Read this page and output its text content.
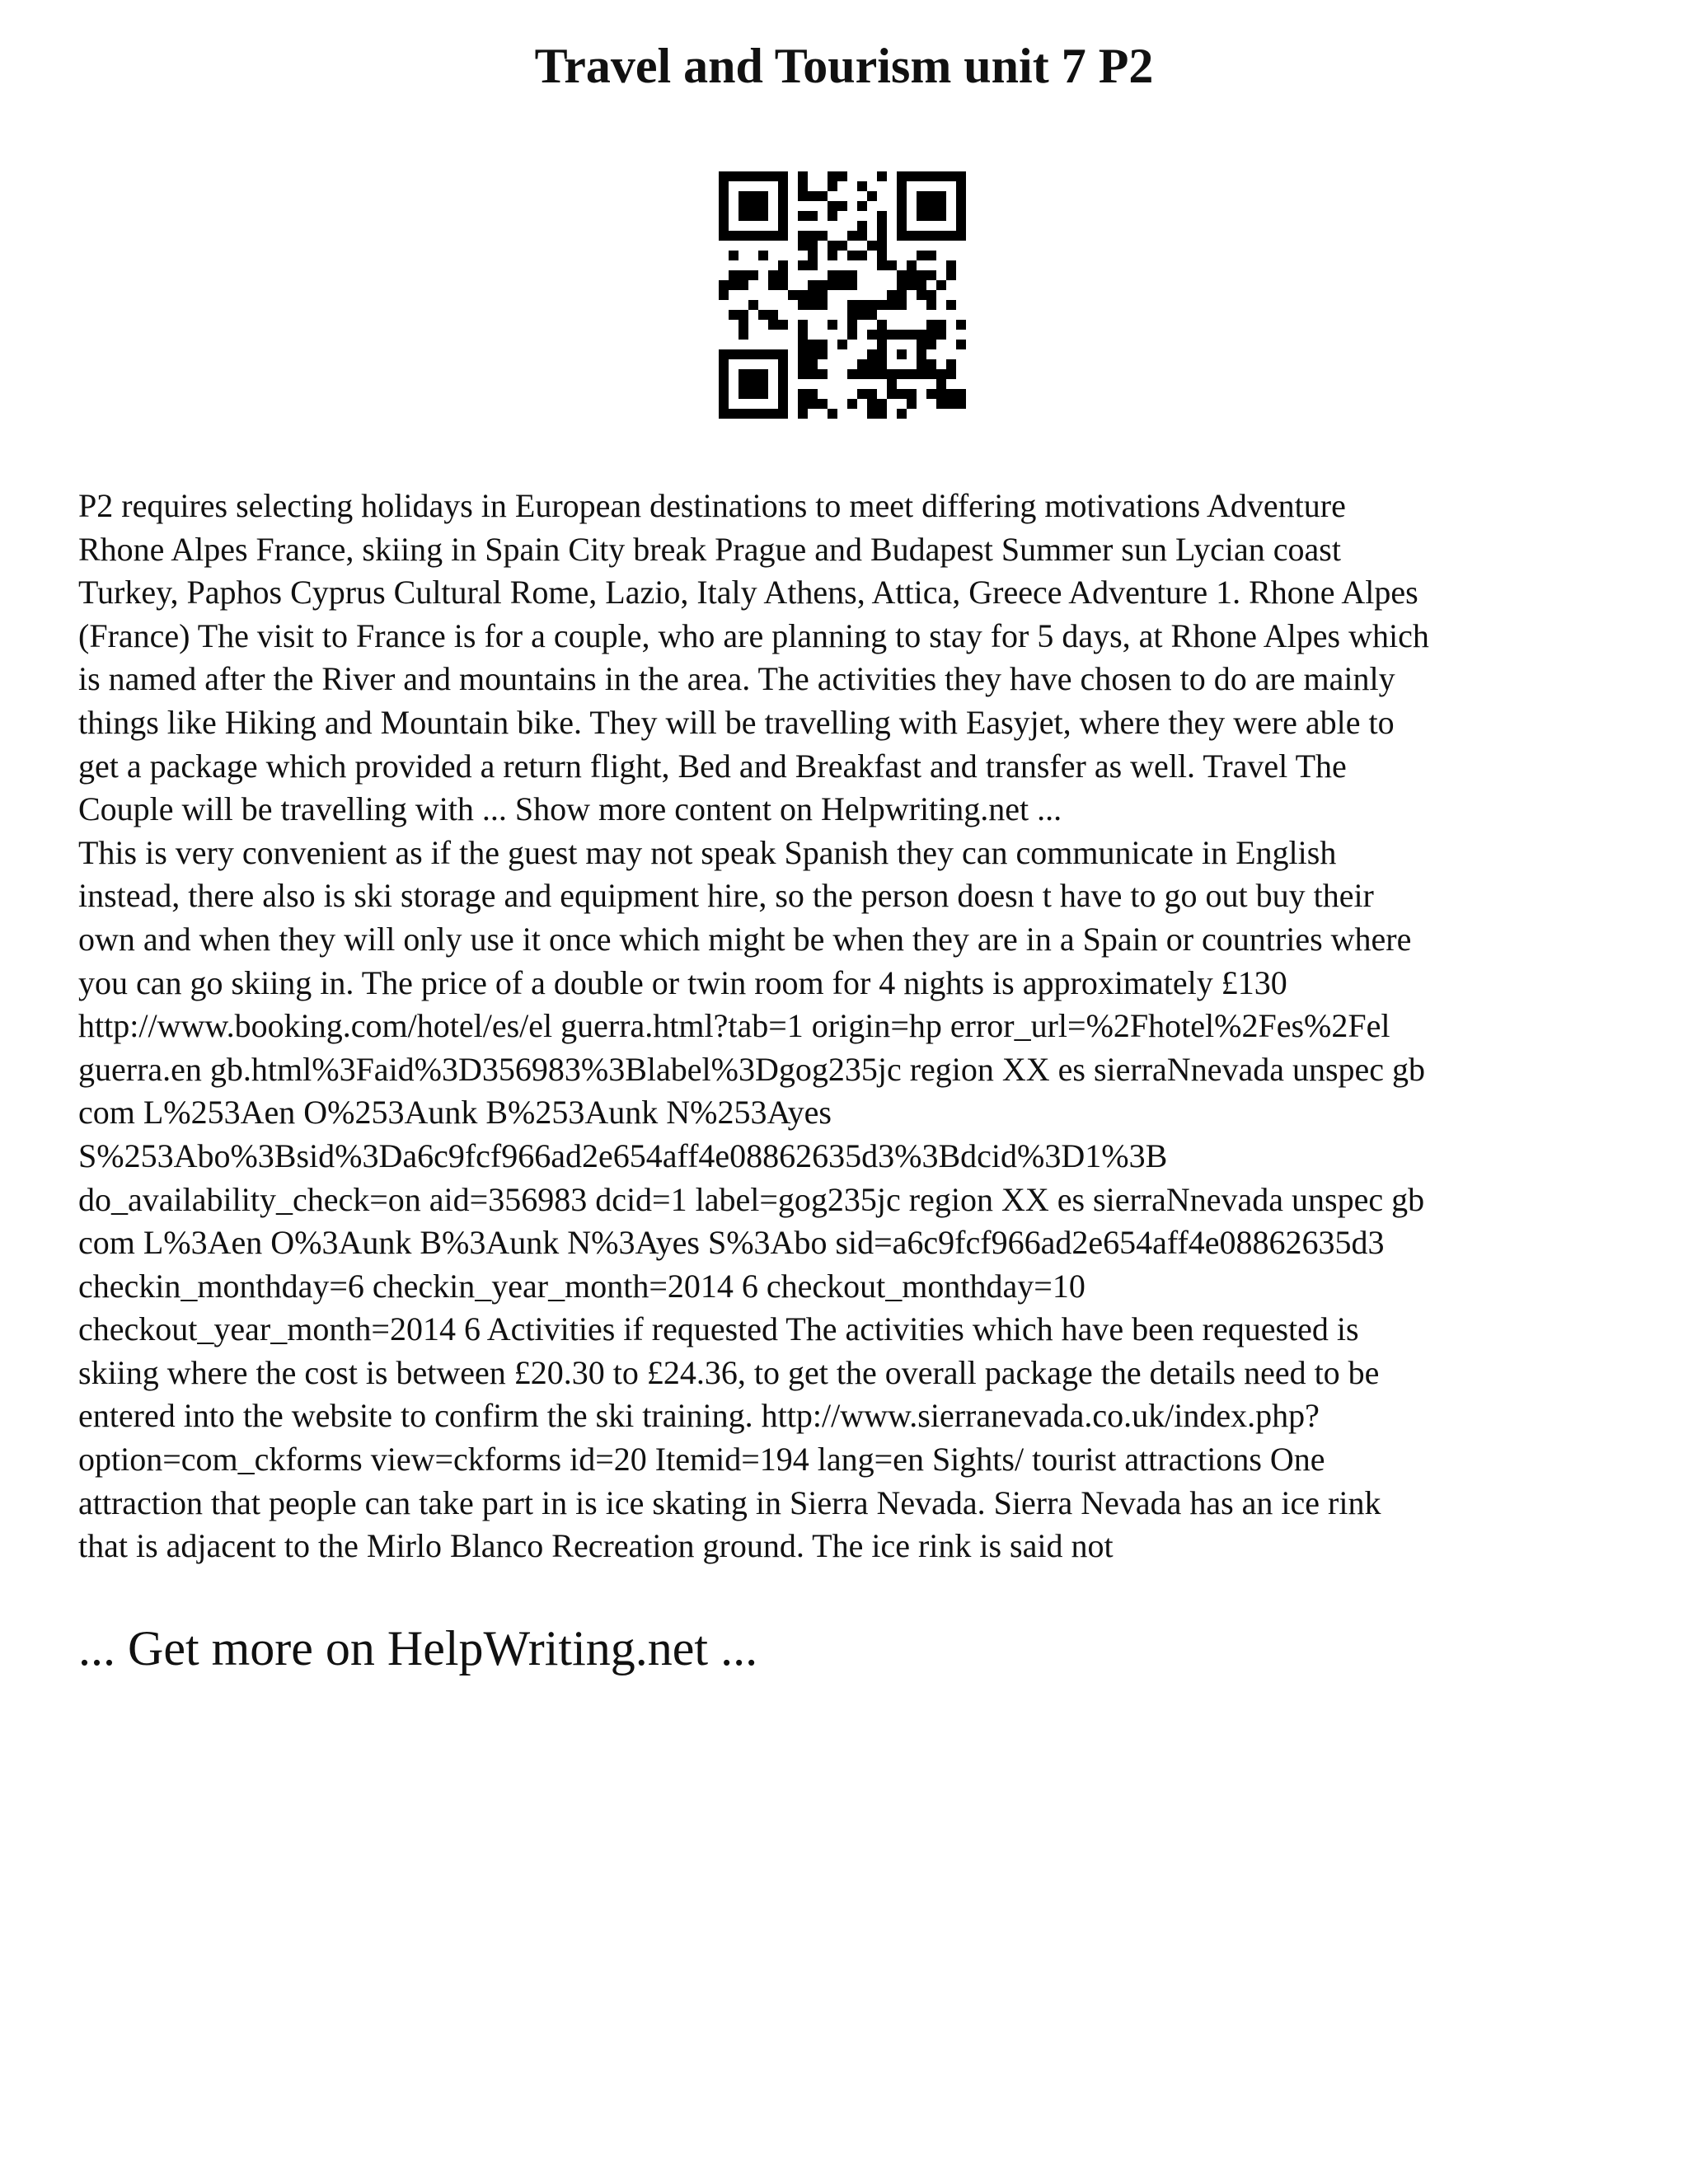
Travel and Tourism unit 7 P2

P2 requires selecting holidays in European destinations to meet differing motivations Adventure
Rhone Alpes France, skiing in Spain City break Prague and Budapest Summer sun Lycian coast
Turkey, Paphos Cyprus Cultural Rome, Lazio, Italy Athens, Attica, Greece Adventure 1. Rhone Alpes
(France) The visit to France is for a couple, who are planning to stay for 5 days, at Rhone Alpes which
is named after the River and mountains in the area. The activities they have chosen to do are mainly
things like Hiking and Mountain bike. They will be travelling with Easyjet, where they were able to
get a package which provided a return flight, Bed and Breakfast and transfer as well. Travel The
Couple will be travelling with ... Show more content on Helpwriting.net ...

This is very convenient as if the guest may not speak Spanish they can communicate in English
instead, there also is ski storage and equipment hire, so the person doesn t have to go out buy their
own and when they will only use it once which might be when they are in a Spain or countries where
you can go skiing in. The price of a double or twin room for 4 nights is approximately £130
http://www.booking.com/hotel/es/el guerra.html?tab=1 origin=hp error_url=%2Fhotel%2Fes%2Fel
guerra.en gb.html%3Faid%3D356983%3Blabel%3Dgog235jc region XX es sierraNnevada unspec gb
com L%253Aen O%253Aunk B%253Aunk N%253Ayes
S%253Abo%3Bsid%3Da6c9fcf966ad2e654aff4e08862635d3%3Bdcid%3D1%3B
do_availability_check=on aid=356983 dcid=1 label=gog235jc region XX es sierraNnevada unspec gb
com L%3Aen O%3Aunk B%3Aunk N%3Ayes S%3Abo sid=a6c9fcf966ad2e654aff4e08862635d3
checkin_monthday=6 checkin_year_month=2014 6 checkout_monthday=10
checkout_year_month=2014 6 Activities if requested The activities which have been requested is
skiing where the cost is between £20.30 to £24.36, to get the overall package the details need to be
entered into the website to confirm the ski training. http://www.sierranevada.co.uk/index.php?
option=com_ckforms view=ckforms id=20 Itemid=194 lang=en Sights/ tourist attractions One
attraction that people can take part in is ice skating in Sierra Nevada. Sierra Nevada has an ice rink
that is adjacent to the Mirlo Blanco Recreation ground. The ice rink is said not

... Get more on HelpWriting.net ...
